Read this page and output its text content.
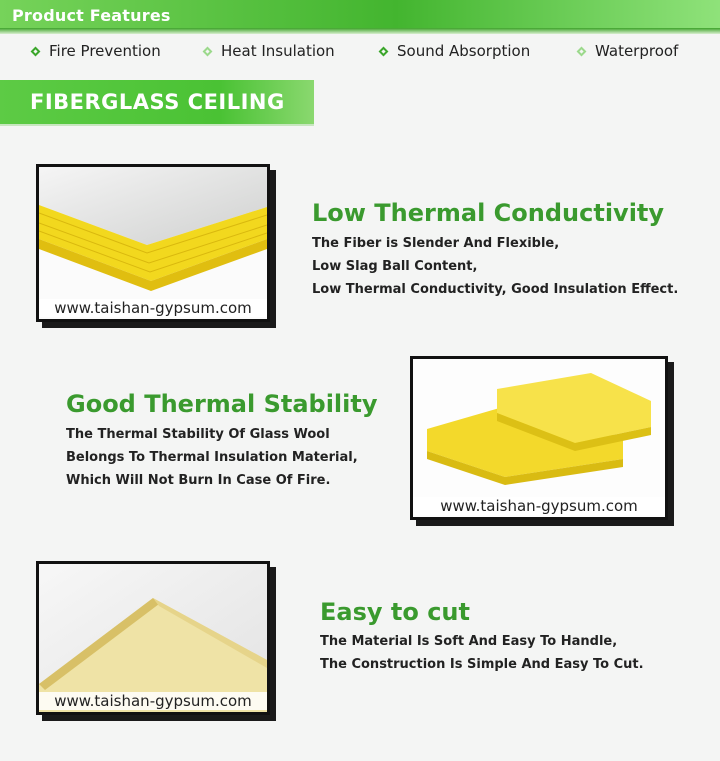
Product Features
Fire Prevention	Heat Insulation	Sound Absorption	Waterproof
FIBERGLASS CEILING
www.taishan-gypsum.com
Low Thermal Conductivity
The Fiber is Slender And Flexible,
Low Slag Ball Content,
Low Thermal Conductivity, Good Insulation Effect.
www.taishan-gypsum.com
Good Thermal Stability
The Thermal Stability Of Glass Wool
Belongs To Thermal Insulation Material,
Which Will Not Burn In Case Of Fire.
www.taishan-gypsum.com
Easy to cut
The Material Is Soft And Easy To Handle,
The Construction Is Simple And Easy To Cut.
